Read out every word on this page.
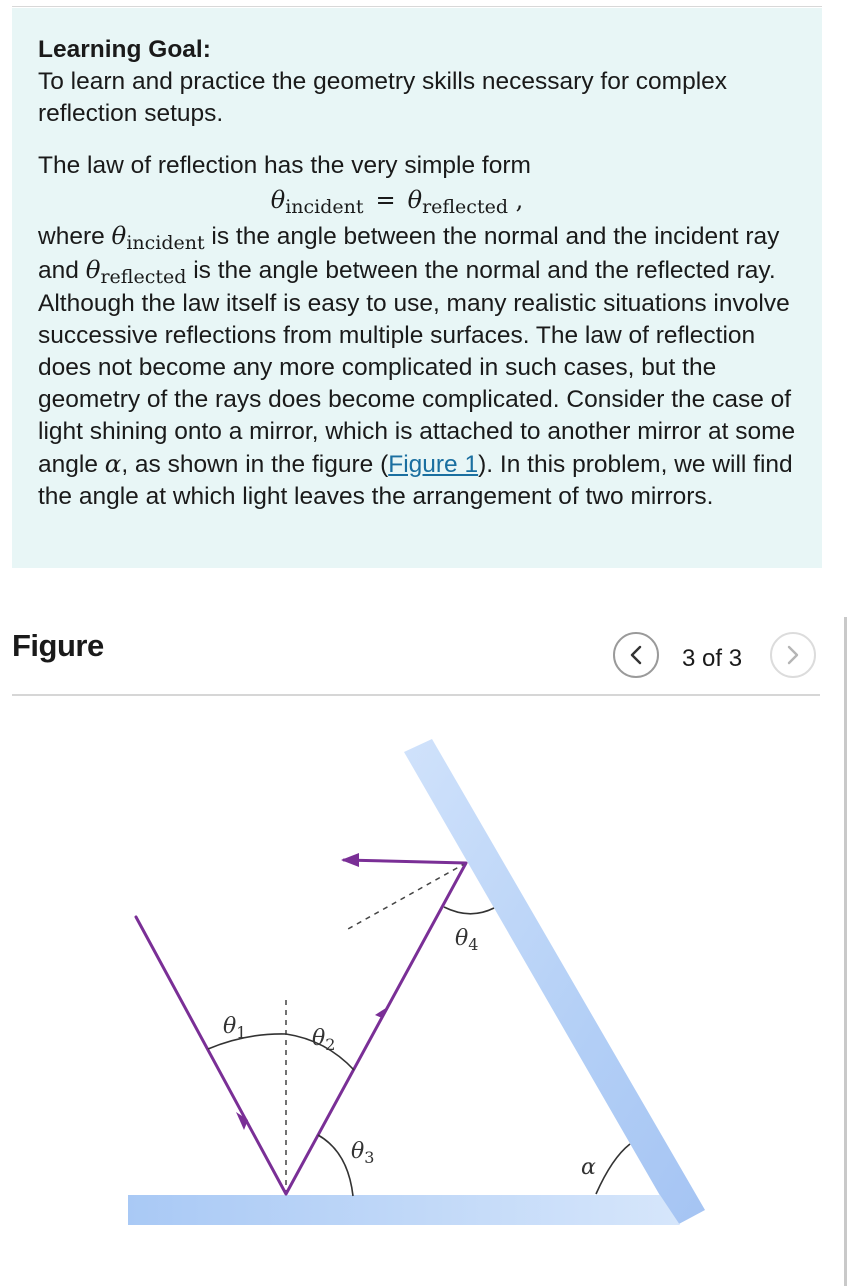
Learning Goal:

To learn and practice the geometry skills necessary for complex reflection setups.

The law of reflection has the very simple form

$\theta_{incident} = \theta_{reflected}$ ,

where $\theta_{incident}$ is the angle between the normal and the incident ray and $\theta_{reflected}$ is the angle between the normal and the reflected ray. Although the law itself is easy to use, many realistic situations involve successive reflections from multiple surfaces. The law of reflection does not become any more complicated in such cases, but the geometry of the rays does become complicated. Consider the case of light shining onto a mirror, which is attached to another mirror at some angle α, as shown in the figure (Figure 1). In this problem, we will find the angle at which light leaves the arrangement of two mirrors.

Figure	3 of 3
$\theta_1$	$\theta_2$
$\theta_3$
$\theta_4$
α
